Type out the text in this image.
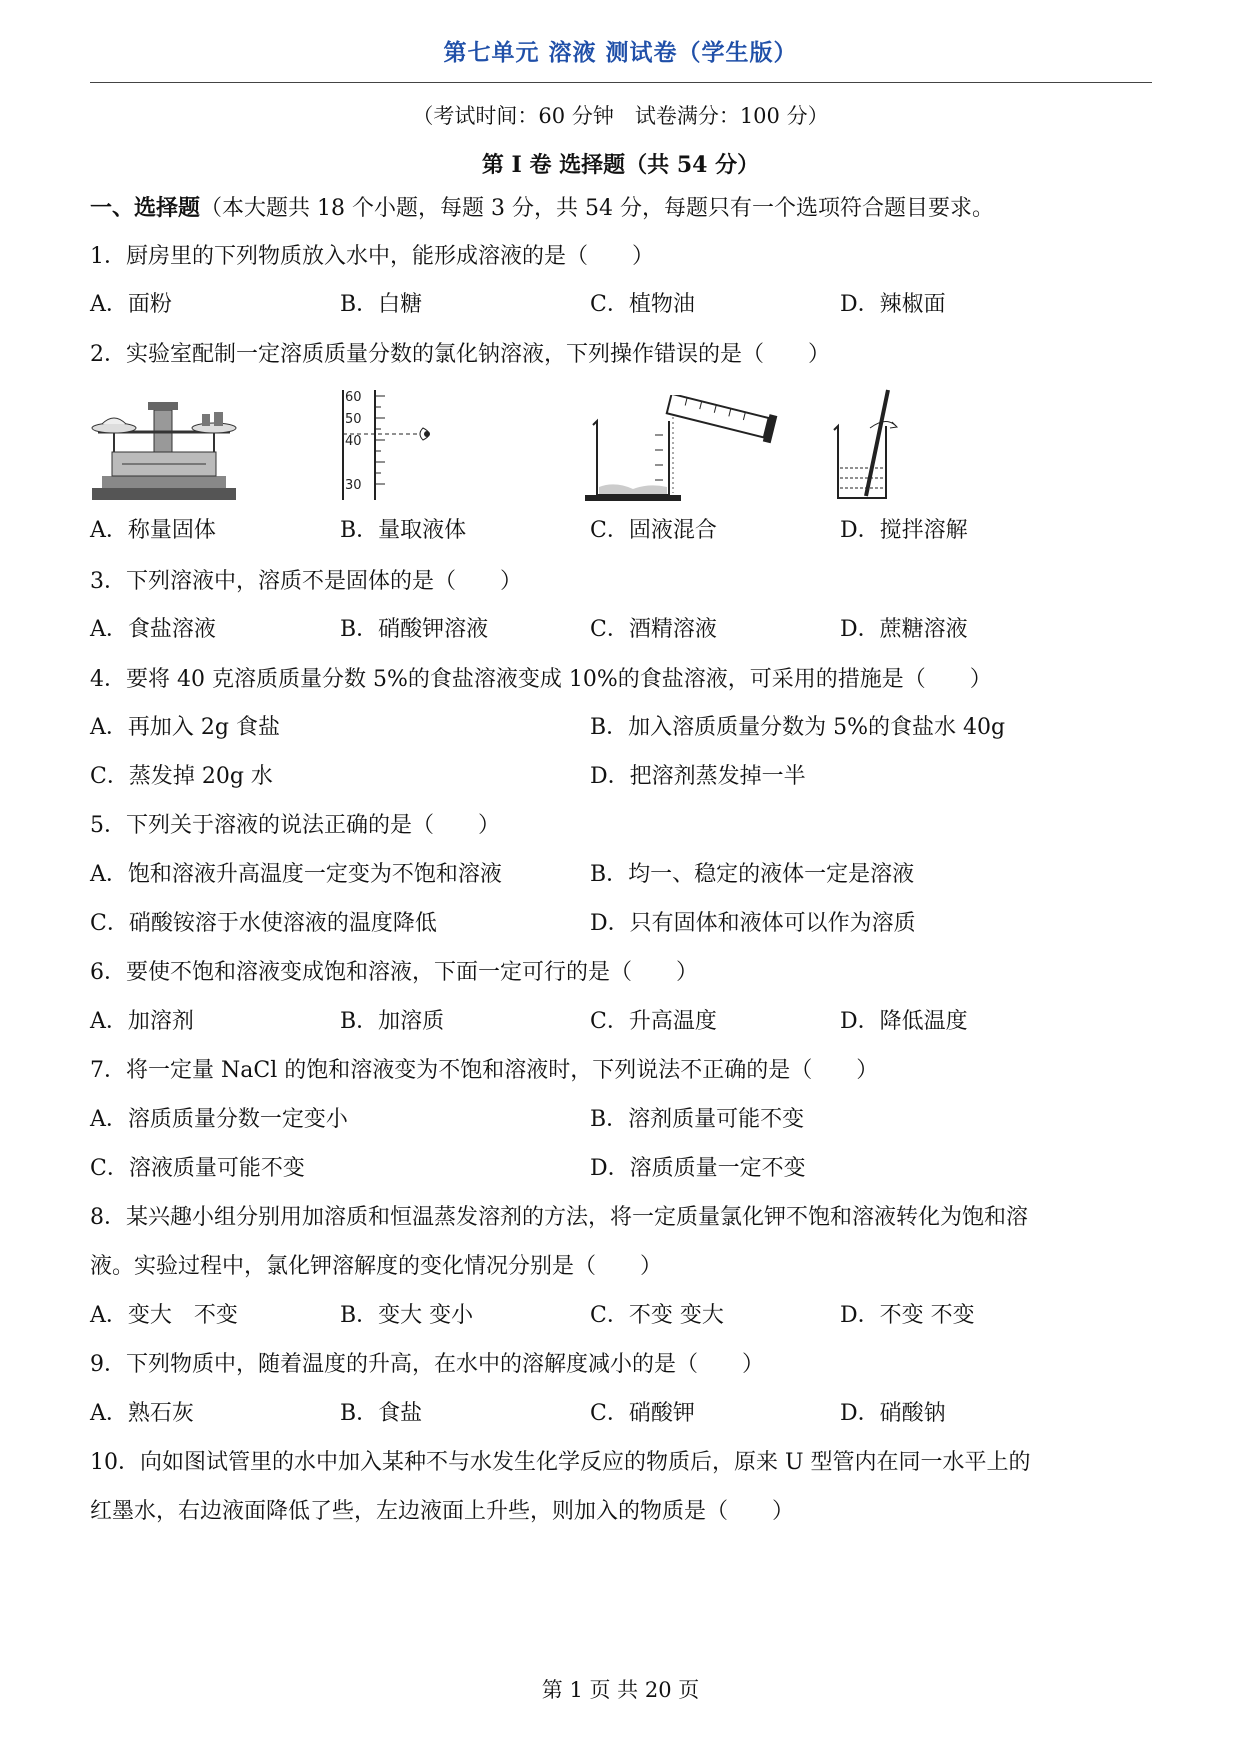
第七单元 溶液 测试卷（学生版）
（考试时间：60 分钟　试卷满分：100 分）
第 I 卷 选择题（共 54 分）
一、选择题（本大题共 18 个小题，每题 3 分，共 54 分，每题只有一个选项符合题目要求。
1．厨房里的下列物质放入水中，能形成溶液的是（　　）
A．面粉	B．白糖	C．植物油	D．辣椒面
2．实验室配制一定溶质质量分数的氯化钠溶液，下列操作错误的是（　　）
60
50
40
30
A．称量固体	B．量取液体	C．固液混合	D．搅拌溶解
3．下列溶液中，溶质不是固体的是（　　）
A．食盐溶液	B．硝酸钾溶液	C．酒精溶液	D．蔗糖溶液
4．要将 40 克溶质质量分数 5%的食盐溶液变成 10%的食盐溶液，可采用的措施是（　　）
A．再加入 2g 食盐	B．加入溶质质量分数为 5%的食盐水 40g
C．蒸发掉 20g 水	D．把溶剂蒸发掉一半
5．下列关于溶液的说法正确的是（　　）
A．饱和溶液升高温度一定变为不饱和溶液	B．均一、稳定的液体一定是溶液
C．硝酸铵溶于水使溶液的温度降低	D．只有固体和液体可以作为溶质
6．要使不饱和溶液变成饱和溶液，下面一定可行的是（　　）
A．加溶剂	B．加溶质	C．升高温度	D．降低温度
7．将一定量 NaCl 的饱和溶液变为不饱和溶液时，下列说法不正确的是（　　）
A．溶质质量分数一定变小	B．溶剂质量可能不变
C．溶液质量可能不变	D．溶质质量一定不变
8．某兴趣小组分别用加溶质和恒温蒸发溶剂的方法，将一定质量氯化钾不饱和溶液转化为饱和溶
液。实验过程中，氯化钾溶解度的变化情况分别是（　　）
A．变大　不变	B．变大 变小	C．不变 变大	D．不变 不变
9．下列物质中，随着温度的升高，在水中的溶解度减小的是（　　）
A．熟石灰	B．食盐	C．硝酸钾	D．硝酸钠
10．向如图试管里的水中加入某种不与水发生化学反应的物质后，原来 U 型管内在同一水平上的
红墨水，右边液面降低了些，左边液面上升些，则加入的物质是（　　）
第 1 页 共 20 页
